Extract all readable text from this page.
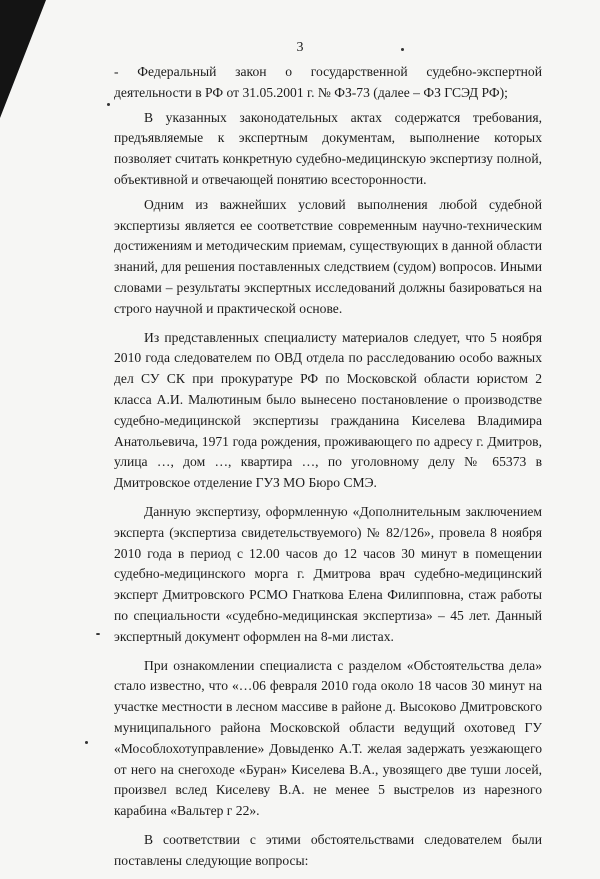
3

- Федеральный закон о государственной судебно-экспертной деятельности в РФ от 31.05.2001 г. № ФЗ-73 (далее – ФЗ ГСЭД РФ);

В указанных законодательных актах содержатся требования, предъявляемые к экспертным документам, выполнение которых позволяет считать конкретную судебно-медицинскую экспертизу полной, объективной и отвечающей понятию всесторонности.

Одним из важнейших условий выполнения любой судебной экспертизы является ее соответствие современным научно-техническим достижениям и методическим приемам, существующих в данной области знаний, для решения поставленных следствием (судом) вопросов. Иными словами – результаты экспертных исследований должны базироваться на строго научной и практической основе.

Из представленных специалисту материалов следует, что 5 ноября 2010 года следователем по ОВД отдела по расследованию особо важных дел СУ СК при прокуратуре РФ по Московской области юристом 2 класса А.И. Малютиным было вынесено постановление о производстве судебно-медицинской экспертизы гражданина Киселева Владимира Анатольевича, 1971 года рождения, проживающего по адресу г. Дмитров, улица …, дом …, квартира …, по уголовному делу № 65373 в Дмитровское отделение ГУЗ МО Бюро СМЭ.

Данную экспертизу, оформленную «Дополнительным заключением эксперта (экспертиза свидетельствуемого) № 82/126», провела 8 ноября 2010 года в период с 12.00 часов до 12 часов 30 минут в помещении судебно-медицинского морга г. Дмитрова врач судебно-медицинский эксперт Дмитровского РСМО Гнаткова Елена Филипповна, стаж работы по специальности «судебно-медицинская экспертиза» – 45 лет. Данный экспертный документ оформлен на 8-ми листах.

При ознакомлении специалиста с разделом «Обстоятельства дела» стало известно, что «…06 февраля 2010 года около 18 часов 30 минут на участке местности в лесном массиве в районе д. Высоково Дмитровского муниципального района Московской области ведущий охотовед ГУ «Мособлохотуправление» Довыденко А.Т. желая задержать уезжающего от него на снегоходе «Буран» Киселева В.А., увозящего две туши лосей, произвел вслед Киселеву В.А. не менее 5 выстрелов из нарезного карабина «Вальтер г 22».

В соответствии с этими обстоятельствами следователем были поставлены следующие вопросы:
